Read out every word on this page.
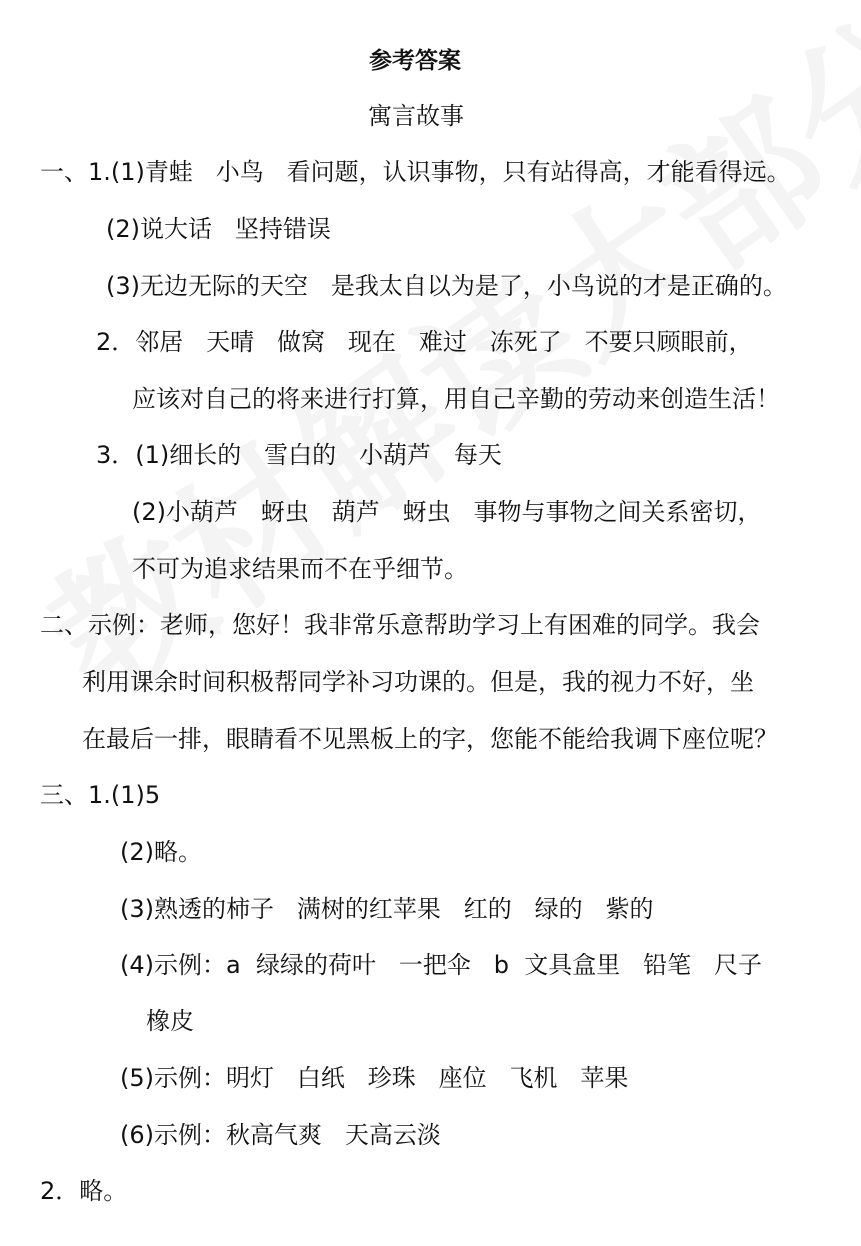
参考答案
寓言故事
一、1.(1)青蛙   小鸟   看问题，认识事物，只有站得高，才能看得远。
(2)说大话   坚持错误
(3)无边无际的天空   是我太自以为是了，小鸟说的才是正确的。
2．邻居   天晴   做窝   现在   难过   冻死了   不要只顾眼前，
应该对自己的将来进行打算，用自己辛勤的劳动来创造生活！
3．(1)细长的   雪白的   小葫芦   每天
(2)小葫芦   蚜虫   葫芦   蚜虫   事物与事物之间关系密切，
不可为追求结果而不在乎细节。
二、示例：老师，您好！我非常乐意帮助学习上有困难的同学。我会
利用课余时间积极帮同学补习功课的。但是，我的视力不好，坐
在最后一排，眼睛看不见黑板上的字，您能不能给我调下座位呢？
三、1.(1)5
(2)略。
(3)熟透的柿子   满树的红苹果   红的   绿的   紫的
(4)示例：a  绿绿的荷叶   一把伞   b  文具盒里   铅笔   尺子
橡皮
(5)示例：明灯   白纸   珍珠   座位   飞机   苹果
(6)示例：秋高气爽   天高云淡
2．略。
